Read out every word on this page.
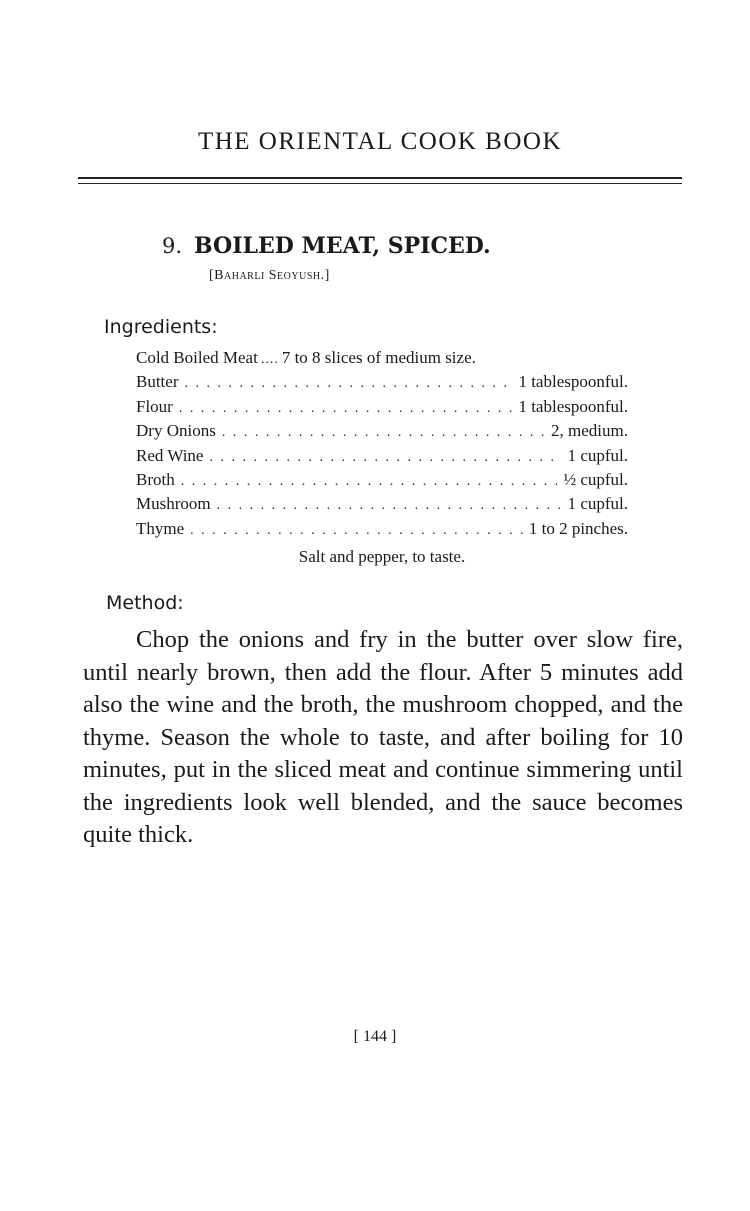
THE ORIENTAL COOK BOOK
9. BOILED MEAT, SPICED.
[Baharli Seoyush.]
Ingredients:
Cold Boiled Meat .... 7 to 8 slices of medium size.
Butter . . .	1 tablespoonful.
Flour . . .	1 tablespoonful.
Dry Onions . . .	2, medium.
Red Wine . . .	1 cupful.
Broth . . .	½ cupful.
Mushroom . . .	1 cupful.
Thyme . . .	1 to 2 pinches.
Salt and pepper, to taste.
Method:

Chop the onions and fry in the butter over slow fire, until nearly brown, then add the flour. After 5 minutes add also the wine and the broth, the mushroom chopped, and the thyme. Season the whole to taste, and after boiling for 10 minutes, put in the sliced meat and continue simmering until the ingredients look well blended, and the sauce becomes quite thick.

[ 144 ]
